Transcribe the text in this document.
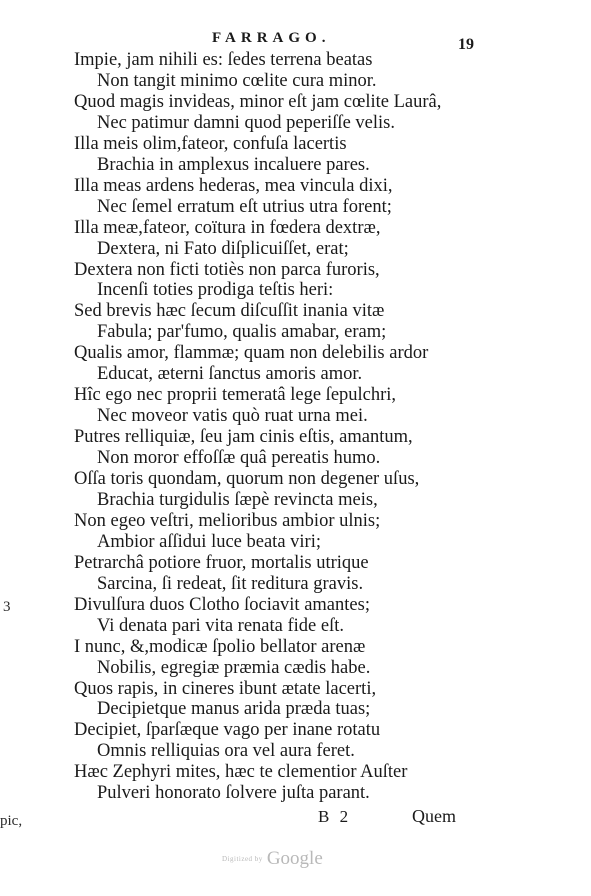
FARRAGO.	19
Impie, jam nihili es: ſedes terrena beatas
Non tangit minimo cœlite cura minor.
Quod magis invideas, minor eſt jam cœlite Laurâ,
Nec patimur damni quod peperiſſe velis.
Illa meis olim,fateor, confuſa lacertis
Brachia in amplexus incaluere pares.
Illa meas ardens hederas, mea vincula dixi,
Nec ſemel erratum eſt utrius utra forent;
Illa meæ,fateor, coïtura in fœdera dextræ,
Dextera, ni Fato diſplicuiſſet, erat;
Dextera non ficti totiès non parca furoris,
Incenſi toties prodiga teſtis heri:
Sed brevis hæc ſecum diſcuſſit inania vitæ
Fabula; par'fumo, qualis amabar, eram;
Qualis amor, flammæ; quam non delebilis ardor
Educat, æterni ſanctus amoris amor.
Hîc ego nec proprii temeratâ lege ſepulchri,
Nec moveor vatis quò ruat urna mei.
Putres relliquiæ, ſeu jam cinis eſtis, amantum,
Non moror effoſſæ quâ pereatis humo.
Oſſa toris quondam, quorum non degener uſus,
Brachia turgidulis ſæpè revincta meis,
Non egeo veſtri, melioribus ambior ulnis;
Ambior aſſidui luce beata viri;
Petrarchâ potiore fruor, mortalis utrique
Sarcina, ſi redeat, ſit reditura gravis.
Divulſura duos Clotho ſociavit amantes;
Vi denata pari vita renata fide eſt.
I nunc, &,modicæ ſpolio bellator arenæ
Nobilis, egregiæ præmia cædis habe.
Quos rapis, in cineres ibunt ætate lacerti,
Decipietque manus arida præda tuas;
Decipiet, ſparſæque vago per inane rotatu
Omnis relliquias ora vel aura feret.
Hæc Zephyri mites, hæc te clementior Auſter
Pulveri honorato ſolvere juſta parant.
3
pic,	B 2	Quem
Digitized by Google
